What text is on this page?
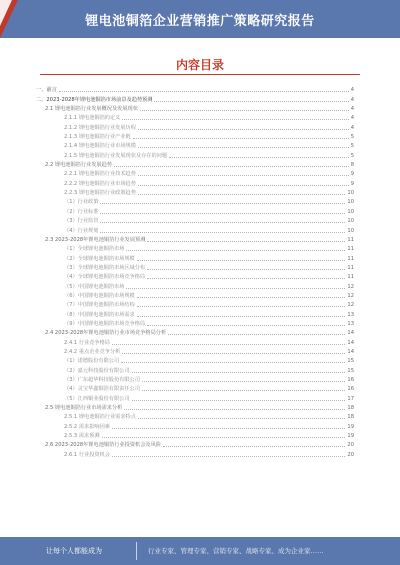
锂电池铜箔企业营销推广策略研究报告
内容目录
一、前言	4
二、2023-2028年锂电池铜箔市场前景及趋势预测	4
2.1 锂电池铜箔行业发展概况及发展现状	4
2.1.1 锂电池铜箔的定义	4
2.1.2 锂电池铜箔行业发展历程	4
2.1.3 锂电池铜箔行业产业链	5
2.1.4 锂电池铜箔行业市场规模	5
2.1.5 锂电池铜箔行业发展现状及存在的问题	5
2.2 锂电池铜箔行业发展趋势	8
2.2.1 锂电池铜箔行业技术趋势	9
2.2.2 锂电池铜箔行业市场趋势	9
2.2.3 锂电池铜箔行业政策趋势	10
（1）行业政策	10
（2）行业标准	10
（3）行业监管	10
（4）行业规划	10
2.3 2023-2028年锂电池铜箔行业发展预测	11
（1）全球锂电池铜箔市场	11
（2）全球锂电池铜箔市场规模	11
（3）全球锂电池铜箔市场区域分布	11
（4）全球锂电池铜箔市场竞争格局	11
（5）中国锂电池铜箔市场	12
（6）中国锂电池铜箔市场规模	12
（7）中国锂电池铜箔市场结构	12
（8）中国锂电池铜箔市场需求	13
（9）中国锂电池铜箔市场竞争格局	13
2.4 2023-2028年锂电池铜箔行业市场竞争格局分析	14
2.4.1 行业竞争格局	14
2.4.2 重点企业竞争分析	14
（1）诺德股份有限公司	15
（2）嘉元科技股份有限公司	15
（3）广东超华科技股份有限公司	16
（4）灵宝华鑫铜箔有限责任公司	16
（5）江西铜业股份有限公司	17
2.5 锂电池铜箔行业市场需求分析	18
2.5.1 锂电池铜箔行业需求特点	18
2.5.2 需求影响因素	19
2.5.3 需求预测	19
2.6 2023-2028年锂电池铜箔行业投资机会及风险	20
2.6.1 行业投资机会	20
让每个人都能成为	行业专家、管理专家、营销专家、战略专家、成为企业家……
